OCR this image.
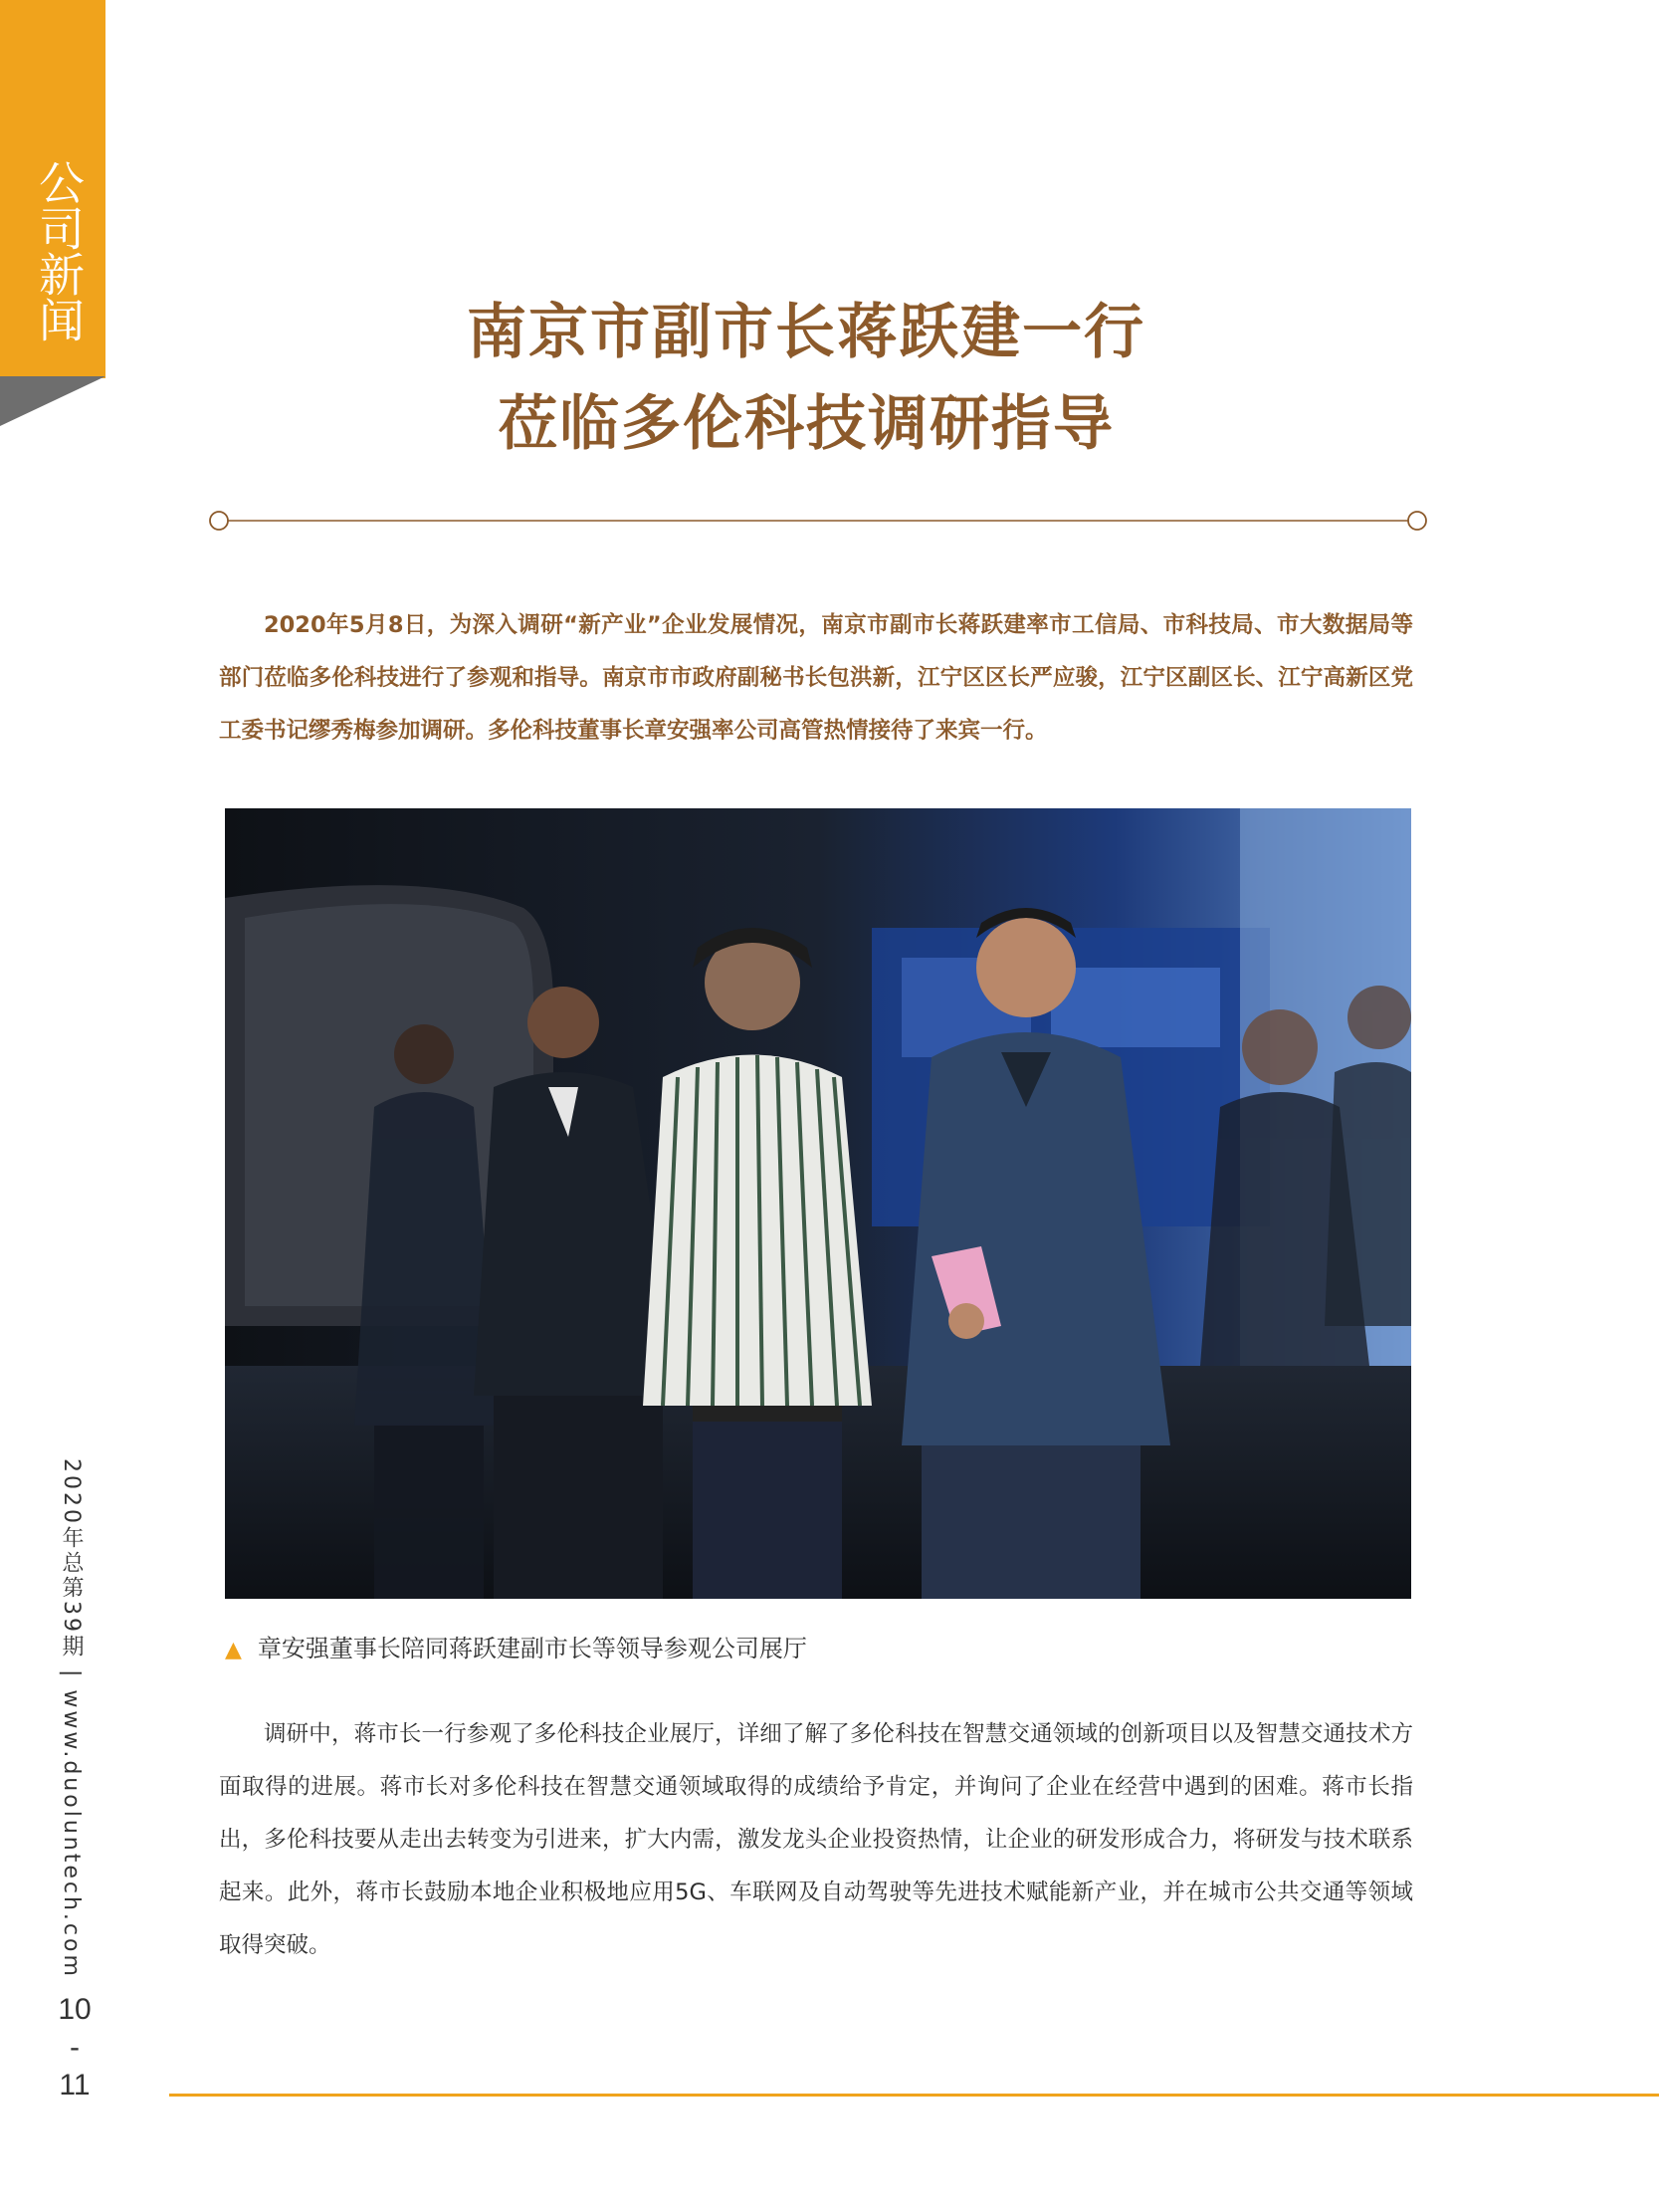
公司新闻
2020年总第39期 | www.duoluntech.com
10
-
11
南京市副市长蒋跃建一行
莅临多伦科技调研指导

2020年5月8日，为深入调研“新产业”企业发展情况，南京市副市长蒋跃建率市工信局、市科技局、市大数据局等部门莅临多伦科技进行了参观和指导。南京市市政府副秘书长包洪新，江宁区区长严应骏，江宁区副区长、江宁高新区党工委书记缪秀梅参加调研。多伦科技董事长章安强率公司高管热情接待了来宾一行。

▲ 章安强董事长陪同蒋跃建副市长等领导参观公司展厅

调研中，蒋市长一行参观了多伦科技企业展厅，详细了解了多伦科技在智慧交通领域的创新项目以及智慧交通技术方面取得的进展。蒋市长对多伦科技在智慧交通领域取得的成绩给予肯定，并询问了企业在经营中遇到的困难。蒋市长指出，多伦科技要从走出去转变为引进来，扩大内需，激发龙头企业投资热情，让企业的研发形成合力，将研发与技术联系起来。此外，蒋市长鼓励本地企业积极地应用5G、车联网及自动驾驶等先进技术赋能新产业，并在城市公共交通等领域取得突破。
